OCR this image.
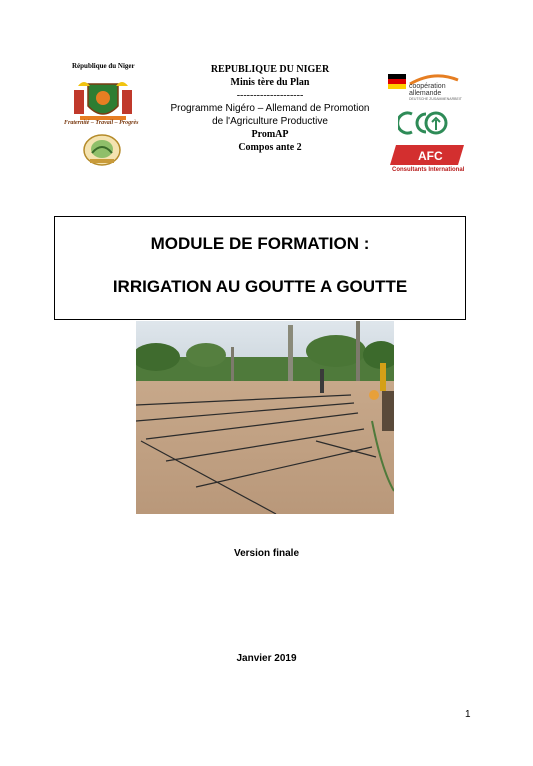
République du Niger
Fraternité – Travail – Progrès
REPUBLIQUE DU NIGER
Minis tère du Plan
--------------------
Programme Nigéro – Allemand de Promotion
de l'Agriculture Productive
PromAP
Compos ante 2
coopération
allemande
DEUTSCHE ZUSAMMENARBEIT
AFC
Consultants International
MODULE DE FORMATION :
IRRIGATION AU GOUTTE A GOUTTE
Version finale
Janvier 2019
1
